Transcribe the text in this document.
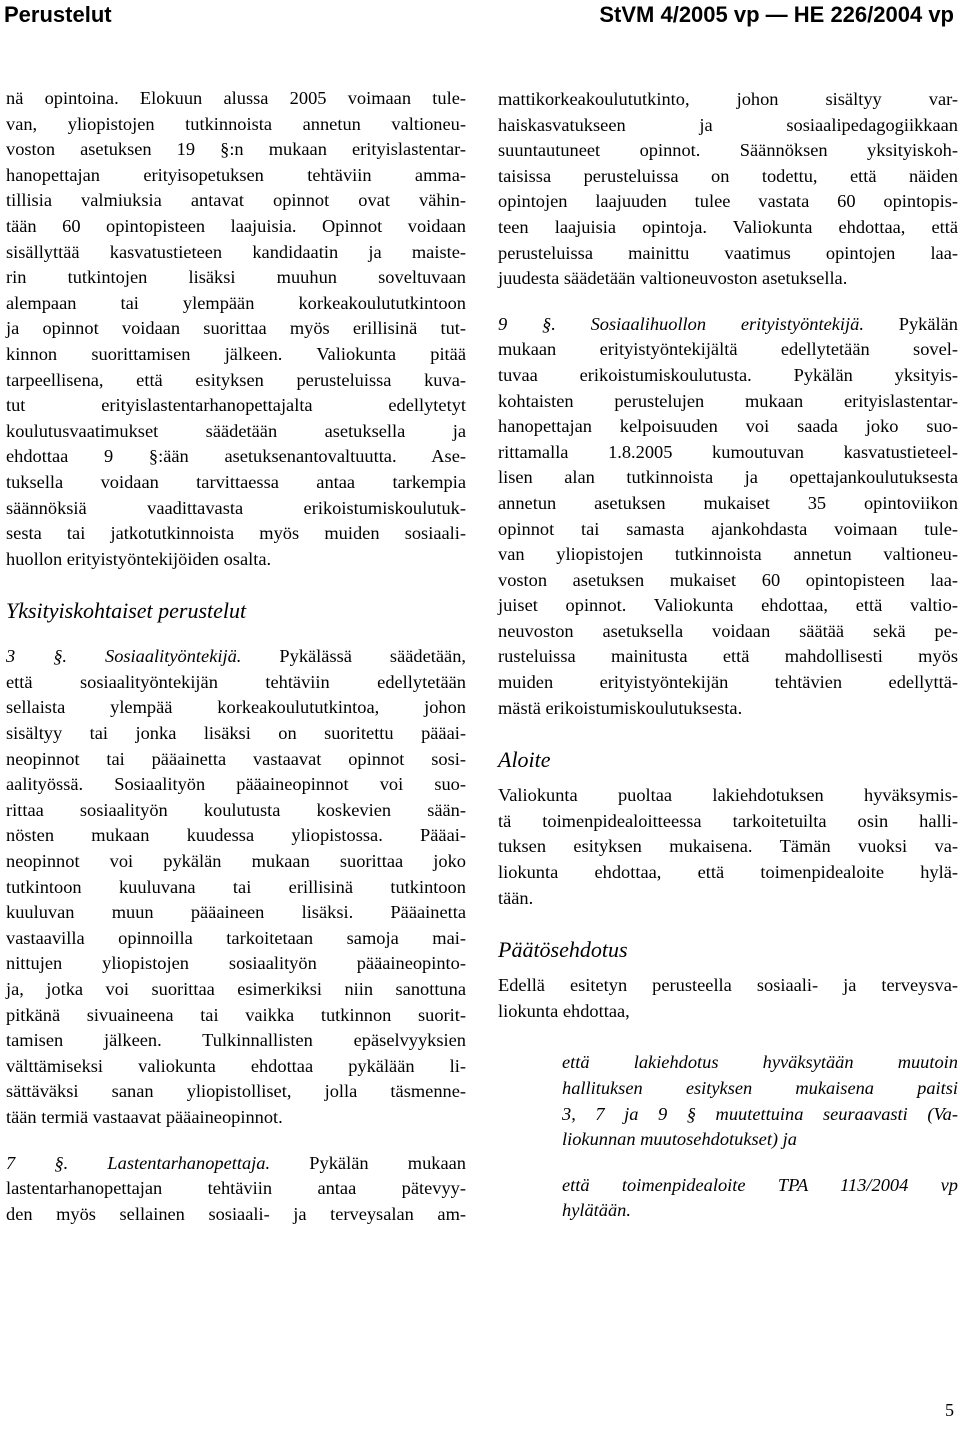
Perustelut	StVM 4/2005 vp — HE 226/2004 vp
nä opintoina. Elokuun alussa 2005 voimaan tule-
van, yliopistojen tutkinnoista annetun valtioneu-
voston asetuksen 19 §:n mukaan erityislastentar-
hanopettajan erityisopetuksen tehtäviin amma-
tillisia valmiuksia antavat opinnot ovat vähin-
tään 60 opintopisteen laajuisia. Opinnot voidaan
sisällyttää kasvatustieteen kandidaatin ja maiste-
rin tutkintojen lisäksi muuhun soveltuvaan
alempaan tai ylempään korkeakoulututkintoon
ja opinnot voidaan suorittaa myös erillisinä tut-
kinnon suorittamisen jälkeen. Valiokunta pitää
tarpeellisena, että esityksen perusteluissa kuva-
tut erityislastentarhanopettajalta edellytetyt
koulutusvaatimukset säädetään asetuksella ja
ehdottaa 9 §:ään asetuksenantovaltuutta. Ase-
tuksella voidaan tarvittaessa antaa tarkempia
säännöksiä vaadittavasta erikoistumiskoulutuk-
sesta tai jatkotutkinnoista myös muiden sosiaali-
huollon erityistyöntekijöiden osalta.
Yksityiskohtaiset perustelut
3 §. Sosiaalityöntekijä. Pykälässä säädetään,
että sosiaalityöntekijän tehtäviin edellytetään
sellaista ylempää korkeakoulututkintoa, johon
sisältyy tai jonka lisäksi on suoritettu pääai-
neopinnot tai pääainetta vastaavat opinnot sosi-
aalityössä. Sosiaalityön pääaineopinnot voi suo-
rittaa sosiaalityön koulutusta koskevien sään-
nösten mukaan kuudessa yliopistossa. Pääai-
neopinnot voi pykälän mukaan suorittaa joko
tutkintoon kuuluvana tai erillisinä tutkintoon
kuuluvan muun pääaineen lisäksi. Pääainetta
vastaavilla opinnoilla tarkoitetaan samoja mai-
nittujen yliopistojen sosiaalityön pääaineopinto-
ja, jotka voi suorittaa esimerkiksi niin sanottuna
pitkänä sivuaineena tai vaikka tutkinnon suorit-
tamisen jälkeen. Tulkinnallisten epäselvyyksien
välttämiseksi valiokunta ehdottaa pykälään li-
sättäväksi sanan yliopistolliset, jolla täsmenne-
tään termiä vastaavat pääaineopinnot.
7 §. Lastentarhanopettaja. Pykälän mukaan
lastentarhanopettajan tehtäviin antaa pätevyy-
den myös sellainen sosiaali- ja terveysalan am-
mattikorkeakoulututkinto, johon sisältyy var-
haiskasvatukseen ja sosiaalipedagogiikkaan
suuntautuneet opinnot. Säännöksen yksityiskoh-
taisissa perusteluissa on todettu, että näiden
opintojen laajuuden tulee vastata 60 opintopis-
teen laajuisia opintoja. Valiokunta ehdottaa, että
perusteluissa mainittu vaatimus opintojen laa-
juudesta säädetään valtioneuvoston asetuksella.
9 §. Sosiaalihuollon erityistyöntekijä. Pykälän
mukaan erityistyöntekijältä edellytetään sovel-
tuvaa erikoistumiskoulutusta. Pykälän yksityis-
kohtaisten perustelujen mukaan erityislastentar-
hanopettajan kelpoisuuden voi saada joko suo-
rittamalla 1.8.2005 kumoutuvan kasvatustieteel-
lisen alan tutkinnoista ja opettajankoulutuksesta
annetun asetuksen mukaiset 35 opintoviikon
opinnot tai samasta ajankohdasta voimaan tule-
van yliopistojen tutkinnoista annetun valtioneu-
voston asetuksen mukaiset 60 opintopisteen laa-
juiset opinnot. Valiokunta ehdottaa, että valtio-
neuvoston asetuksella voidaan säätää sekä pe-
rusteluissa mainitusta että mahdollisesti myös
muiden erityistyöntekijän tehtävien edellyttä-
mästä erikoistumiskoulutuksesta.
Aloite
Valiokunta puoltaa lakiehdotuksen hyväksymis-
tä toimenpidealoitteessa tarkoitetuilta osin halli-
tuksen esityksen mukaisena. Tämän vuoksi va-
liokunta ehdottaa, että toimenpidealoite hylä-
tään.
Päätösehdotus
Edellä esitetyn perusteella sosiaali- ja terveysva-
liokunta ehdottaa,
että lakiehdotus hyväksytään muutoin
hallituksen esityksen mukaisena paitsi
3, 7 ja 9 § muutettuina seuraavasti (Va-
liokunnan muutosehdotukset) ja
että toimenpidealoite TPA 113/2004 vp
hylätään.
5
